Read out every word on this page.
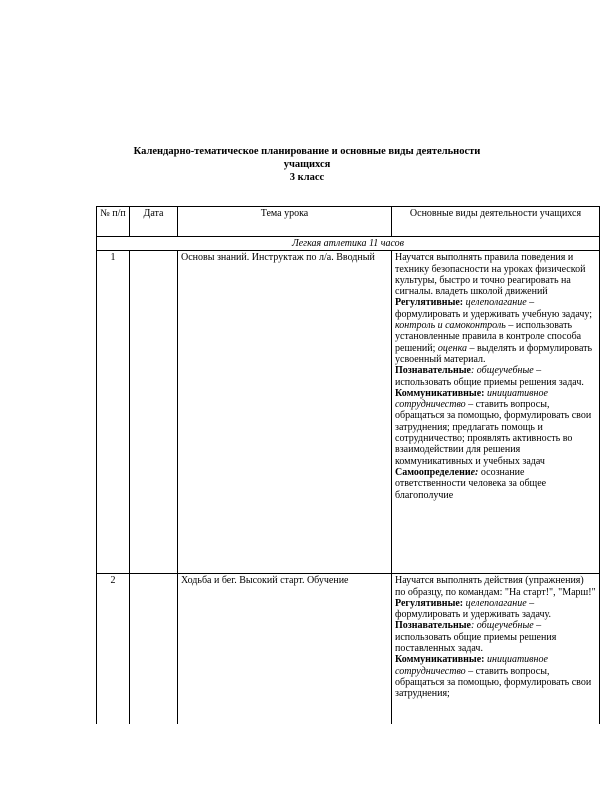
Календарно-тематическое планирование и основные виды деятельности
учащихся
3 класс
№ п/п	Дата	Тема урока	Основные виды деятельности учащихся
Легкая атлетика 11 часов			
1		Основы знаний. Инструктаж по л/а. Вводный	Научатся выполнять правила поведения и технику безопасности на уроках физической культуры, быстро и точно реагировать на сигналы. владеть школой движений

Регулятивные: целеполагание – формулировать и удерживать учебную задачу; контроль и самоконтроль – использовать установленные правила в контроле способа решений; оценка – выделять и формулировать усвоенный материал.

Познавательные: общеучебные – использовать общие приемы решения задач.

Коммуникативные: инициативное сотрудничество – ставить вопросы, обращаться за помощью, формулировать свои затруднения; предлагать помощь и сотрудничество; проявлять активность во взаимодействии для решения коммуникативных и учебных задач

Самоопределение: осознание ответственности человека за общее благополучие

2		Ходьба и бег. Высокий старт. Обучение	Научатся выполнять действия (упражнения) по образцу, по командам: "На старт!", "Марш!"

Регулятивные: целеполагание – формулировать и удерживать задачу.

Познавательные: общеучебные – использовать общие приемы решения поставленных задач.

Коммуникативные: инициативное сотрудничество – ставить вопросы, обращаться за помощью, формулировать свои затруднения;
